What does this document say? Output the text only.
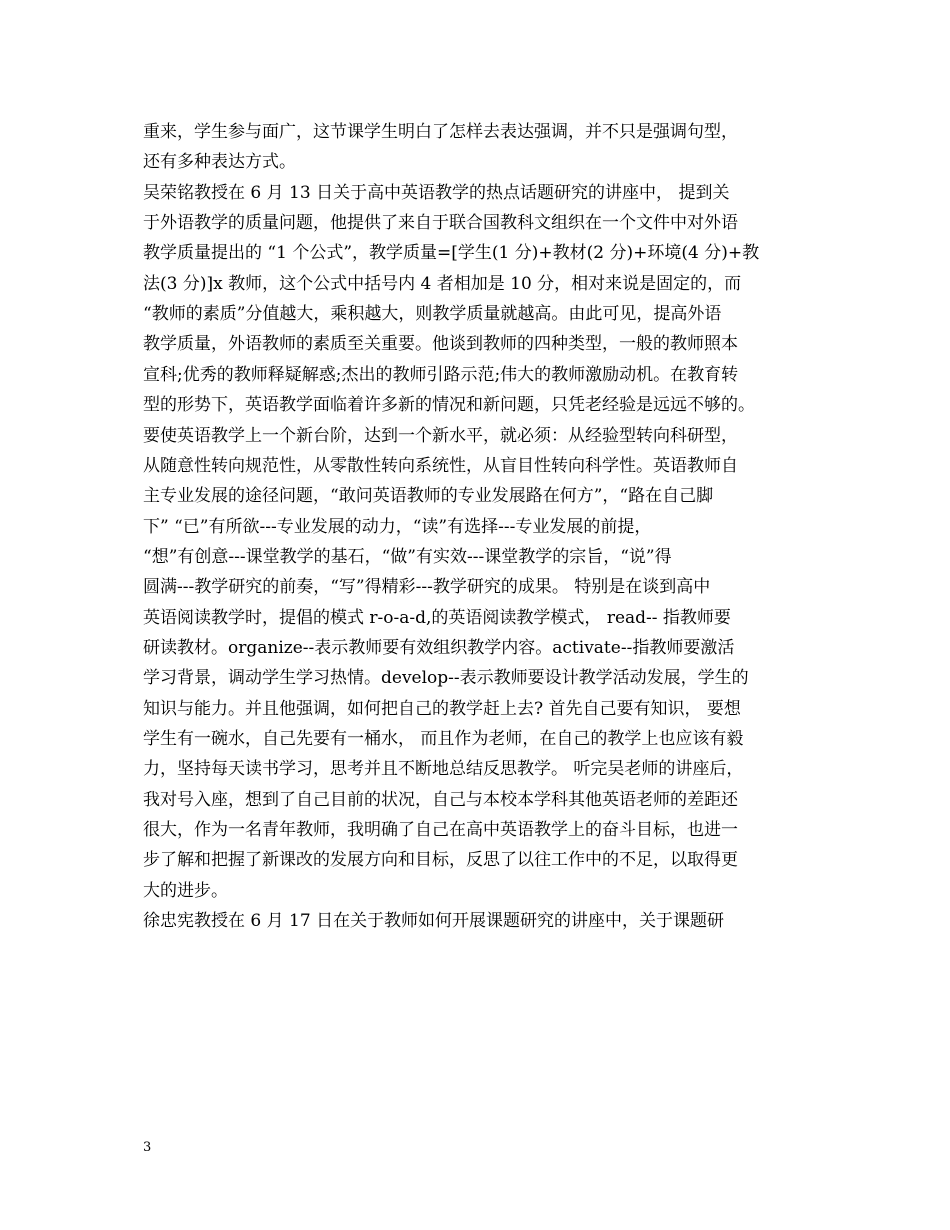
重来，学生参与面广，这节课学生明白了怎样去表达强调，并不只是强调句型，
还有多种表达方式。
吴荣铭教授在 6 月 13 日关于高中英语教学的热点话题研究的讲座中， 提到关
于外语教学的质量问题，他提供了来自于联合国教科文组织在一个文件中对外语
教学质量提出的 “1 个公式”，教学质量=[学生(1 分)+教材(2 分)+环境(4 分)+教
法(3 分)]x 教师，这个公式中括号内 4 者相加是 10 分，相对来说是固定的，而
“教师的素质”分值越大，乘积越大，则教学质量就越高。由此可见，提高外语
教学质量，外语教师的素质至关重要。他谈到教师的四种类型，一般的教师照本
宣科;优秀的教师释疑解惑;杰出的教师引路示范;伟大的教师激励动机。在教育转
型的形势下，英语教学面临着许多新的情况和新问题，只凭老经验是远远不够的。
要使英语教学上一个新台阶，达到一个新水平，就必须：从经验型转向科研型，
从随意性转向规范性，从零散性转向系统性，从盲目性转向科学性。英语教师自
主专业发展的途径问题，“敢问英语教师的专业发展路在何方”，“路在自己脚
下” “已”有所欲---专业发展的动力，“读”有选择---专业发展的前提，
“想”有创意---课堂教学的基石，“做”有实效---课堂教学的宗旨，“说”得
圆满---教学研究的前奏，“写”得精彩---教学研究的成果。 特别是在谈到高中
英语阅读教学时，提倡的模式 r-o-a-d,的英语阅读教学模式， read-- 指教师要
研读教材。organize--表示教师要有效组织教学内容。activate--指教师要激活
学习背景，调动学生学习热情。develop--表示教师要设计教学活动发展，学生的
知识与能力。并且他强调，如何把自己的教学赶上去? 首先自己要有知识， 要想
学生有一碗水，自己先要有一桶水， 而且作为老师，在自己的教学上也应该有毅
力，坚持每天读书学习，思考并且不断地总结反思教学。 听完吴老师的讲座后，
我对号入座，想到了自己目前的状况，自己与本校本学科其他英语老师的差距还
很大，作为一名青年教师，我明确了自己在高中英语教学上的奋斗目标，也进一
步了解和把握了新课改的发展方向和目标，反思了以往工作中的不足，以取得更
大的进步。
徐忠宪教授在 6 月 17 日在关于教师如何开展课题研究的讲座中，关于课题研
3
